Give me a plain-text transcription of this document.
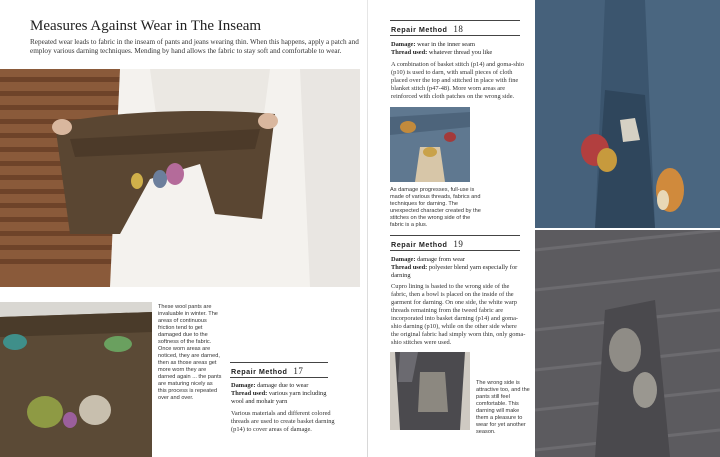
Measures Against Wear in The Inseam
Repeated wear leads to fabric in the inseam of pants and jeans wearing thin. When this happens, apply a patch and employ various darning techniques. Mending by hand allows the fabric to stay soft and comfortable to wear.
These wool pants are invaluable in winter. The areas of continuous friction tend to get damaged due to the softness of the fabric. Once worn areas are noticed, they are darned, then as those areas get more worn they are darned again ... the pants are maturing nicely as this process is repeated over and over.
Repair Method 17
Damage: damage due to wear
Thread used: various yarn including wool and mohair yarn
Various materials and different colored threads are used to create basket darning (p14) to cover areas of damage.
Repair Method 18
Damage: wear in the inner seam
Thread used: whatever thread you like
A combination of basket stitch (p14) and goma-shio (p10) is used to darn, with small pieces of cloth placed over the top and stitched in place with fine blanket stitch (p47-48). More worn areas are reinforced with cloth patches on the wrong side.
As damage progresses, full-use is made of various threads, fabrics and techniques for darning. The unexpected character created by the stitches on the wrong side of the fabric is a plus.
Repair Method 19
Damage: damage from wear
Thread used: polyester blend yarn especially for darning
Cupro lining is basted to the wrong side of the fabric, then a bowl is placed on the inside of the garment for darning. On one side, the white warp threads remaining from the tweed fabric are incorporated into basket darning (p14) and goma-shio darning (p10), while on the other side where the original fabric had simply worn thin, only goma-shio stitches were used.
The wrong side is attractive too, and the pants still feel comfortable. This darning will make them a pleasure to wear for yet another season.
